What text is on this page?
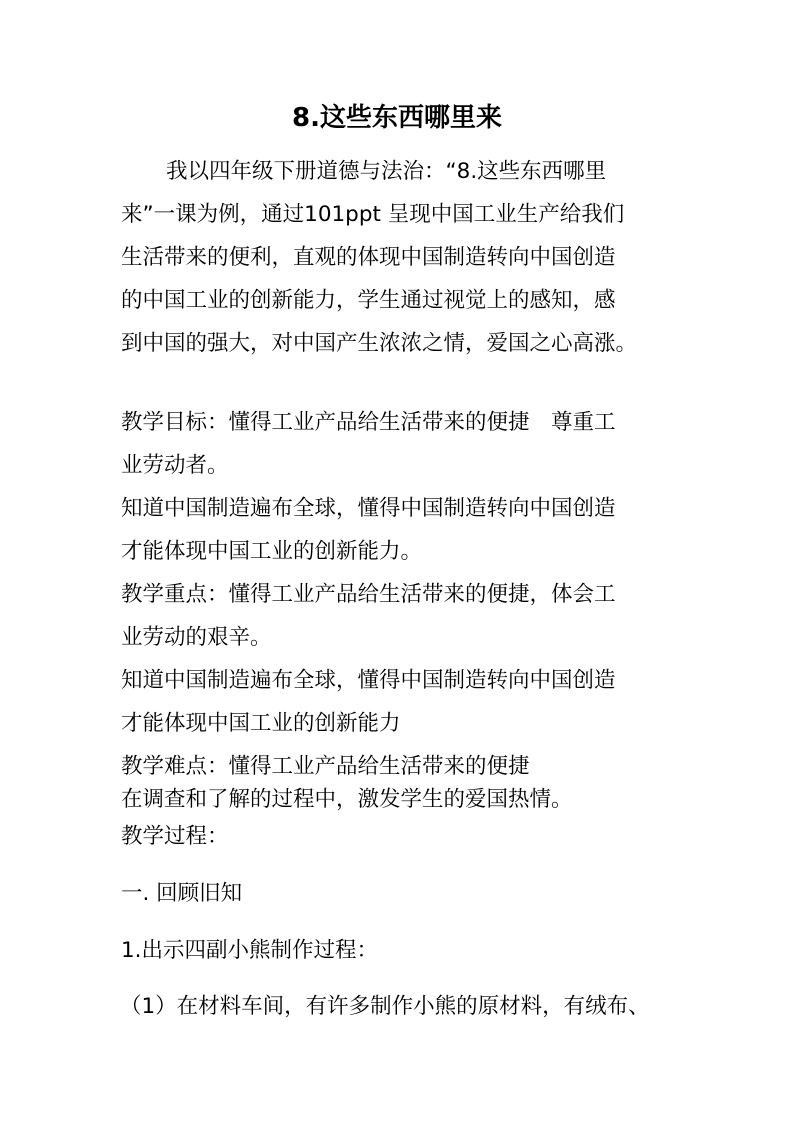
8.这些东西哪里来
我以四年级下册道德与法治：“8.这些东西哪里
来”一课为例，通过101ppt 呈现中国工业生产给我们
生活带来的便利，直观的体现中国制造转向中国创造
的中国工业的创新能力，学生通过视觉上的感知，感
到中国的强大，对中国产生浓浓之情，爱国之心高涨。
教学目标：懂得工业产品给生活带来的便捷　尊重工
业劳动者。
知道中国制造遍布全球，懂得中国制造转向中国创造
才能体现中国工业的创新能力。
教学重点：懂得工业产品给生活带来的便捷，体会工
业劳动的艰辛。
知道中国制造遍布全球，懂得中国制造转向中国创造
才能体现中国工业的创新能力
教学难点：懂得工业产品给生活带来的便捷
在调查和了解的过程中，激发学生的爱国热情。
教学过程：
一. 回顾旧知
1.出示四副小熊制作过程：
（1）在材料车间，有许多制作小熊的原材料，有绒布、
